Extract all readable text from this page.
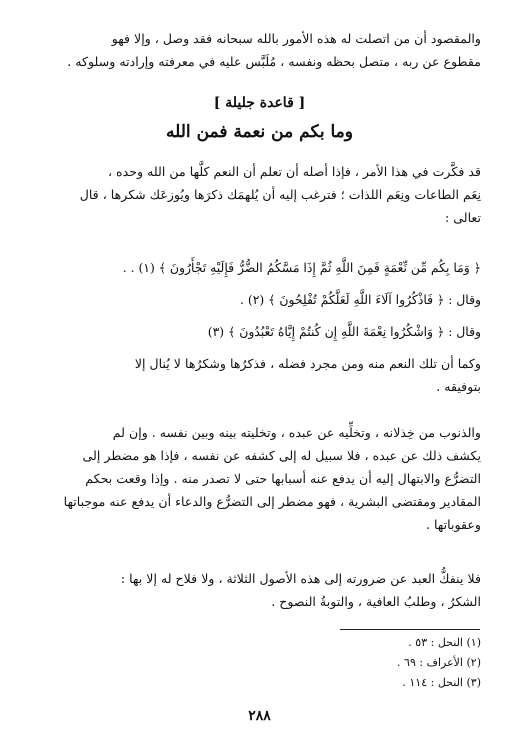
والمقصود أن من اتصلت له هذه الأمور بالله سبحانه فقد وصل ، وإلا فهو
مقطوع عن ربه ، متصل بحظه ونفسه ، مُلَبَّس عليه في معرفته وإرادته وسلوكه .

[ قاعدة جليلة ]

وما بكم من نعمة فمن الله

قد فكَّرت في هذا الأمر ، فإذا أصله أن تعلم أن النعم كلَّها من الله وحده ،
نِعَم الطاعات ونِعَم اللذات ؛ فترغب إليه أن يُلهمَك ذكرَها ويُوزعَك شكرها ، قال
تعالى :

﴿ وَمَا بِكُم مِّن نِّعْمَةٍ فَمِنَ اللَّهِ ثُمَّ إِذَا مَسَّكُمُ الضُّرُّ فَإِلَيْهِ تَجْأَرُونَ ﴾ (١) . .

وقال : ﴿ فَاذْكُرُوا آلَاءَ اللَّهِ لَعَلَّكُمْ تُفْلِحُونَ ﴾ (٢) .

وقال : ﴿ وَاشْكُرُوا نِعْمَةَ اللَّهِ إِن كُنتُمْ إِيَّاهُ تَعْبُدُونَ ﴾ (٣)

وكما أن تلك النعم منه ومن مجرد فضله ، فذكرُها وشكرُها لا يُنال إلا
بتوفيقه .

والذنوب من خِذلانه ، وتخلِّيه عن عبده ، وتخليته بينه وبين نفسه . وإن لم
يكشف ذلك عن عبده ، فلا سبيل له إلى كشفه عن نفسه ، فإذا هو مضطر إلى
التضرُّع والابتهال إليه أن يدفع عنه أسبابها حتى لا تصدر منه . وإذا وقعت بحكم
المقادير ومقتضى البشرية ، فهو مضطر إلى التضرُّع والدعاء أن يدفع عنه موجباتها
وعقوباتها .

فلا ينفكُّ العبد عن ضرورته إلى هذه الأصول الثلاثة ، ولا فلاح له إلا بها :
الشكرُ ، وطلبُ العافية ، والتوبةُ النصوح .

(١) النحل : ٥٣ .
(٢) الأعراف : ٦٩ .
(٣) النحل : ١١٤ .
٢٨٨
